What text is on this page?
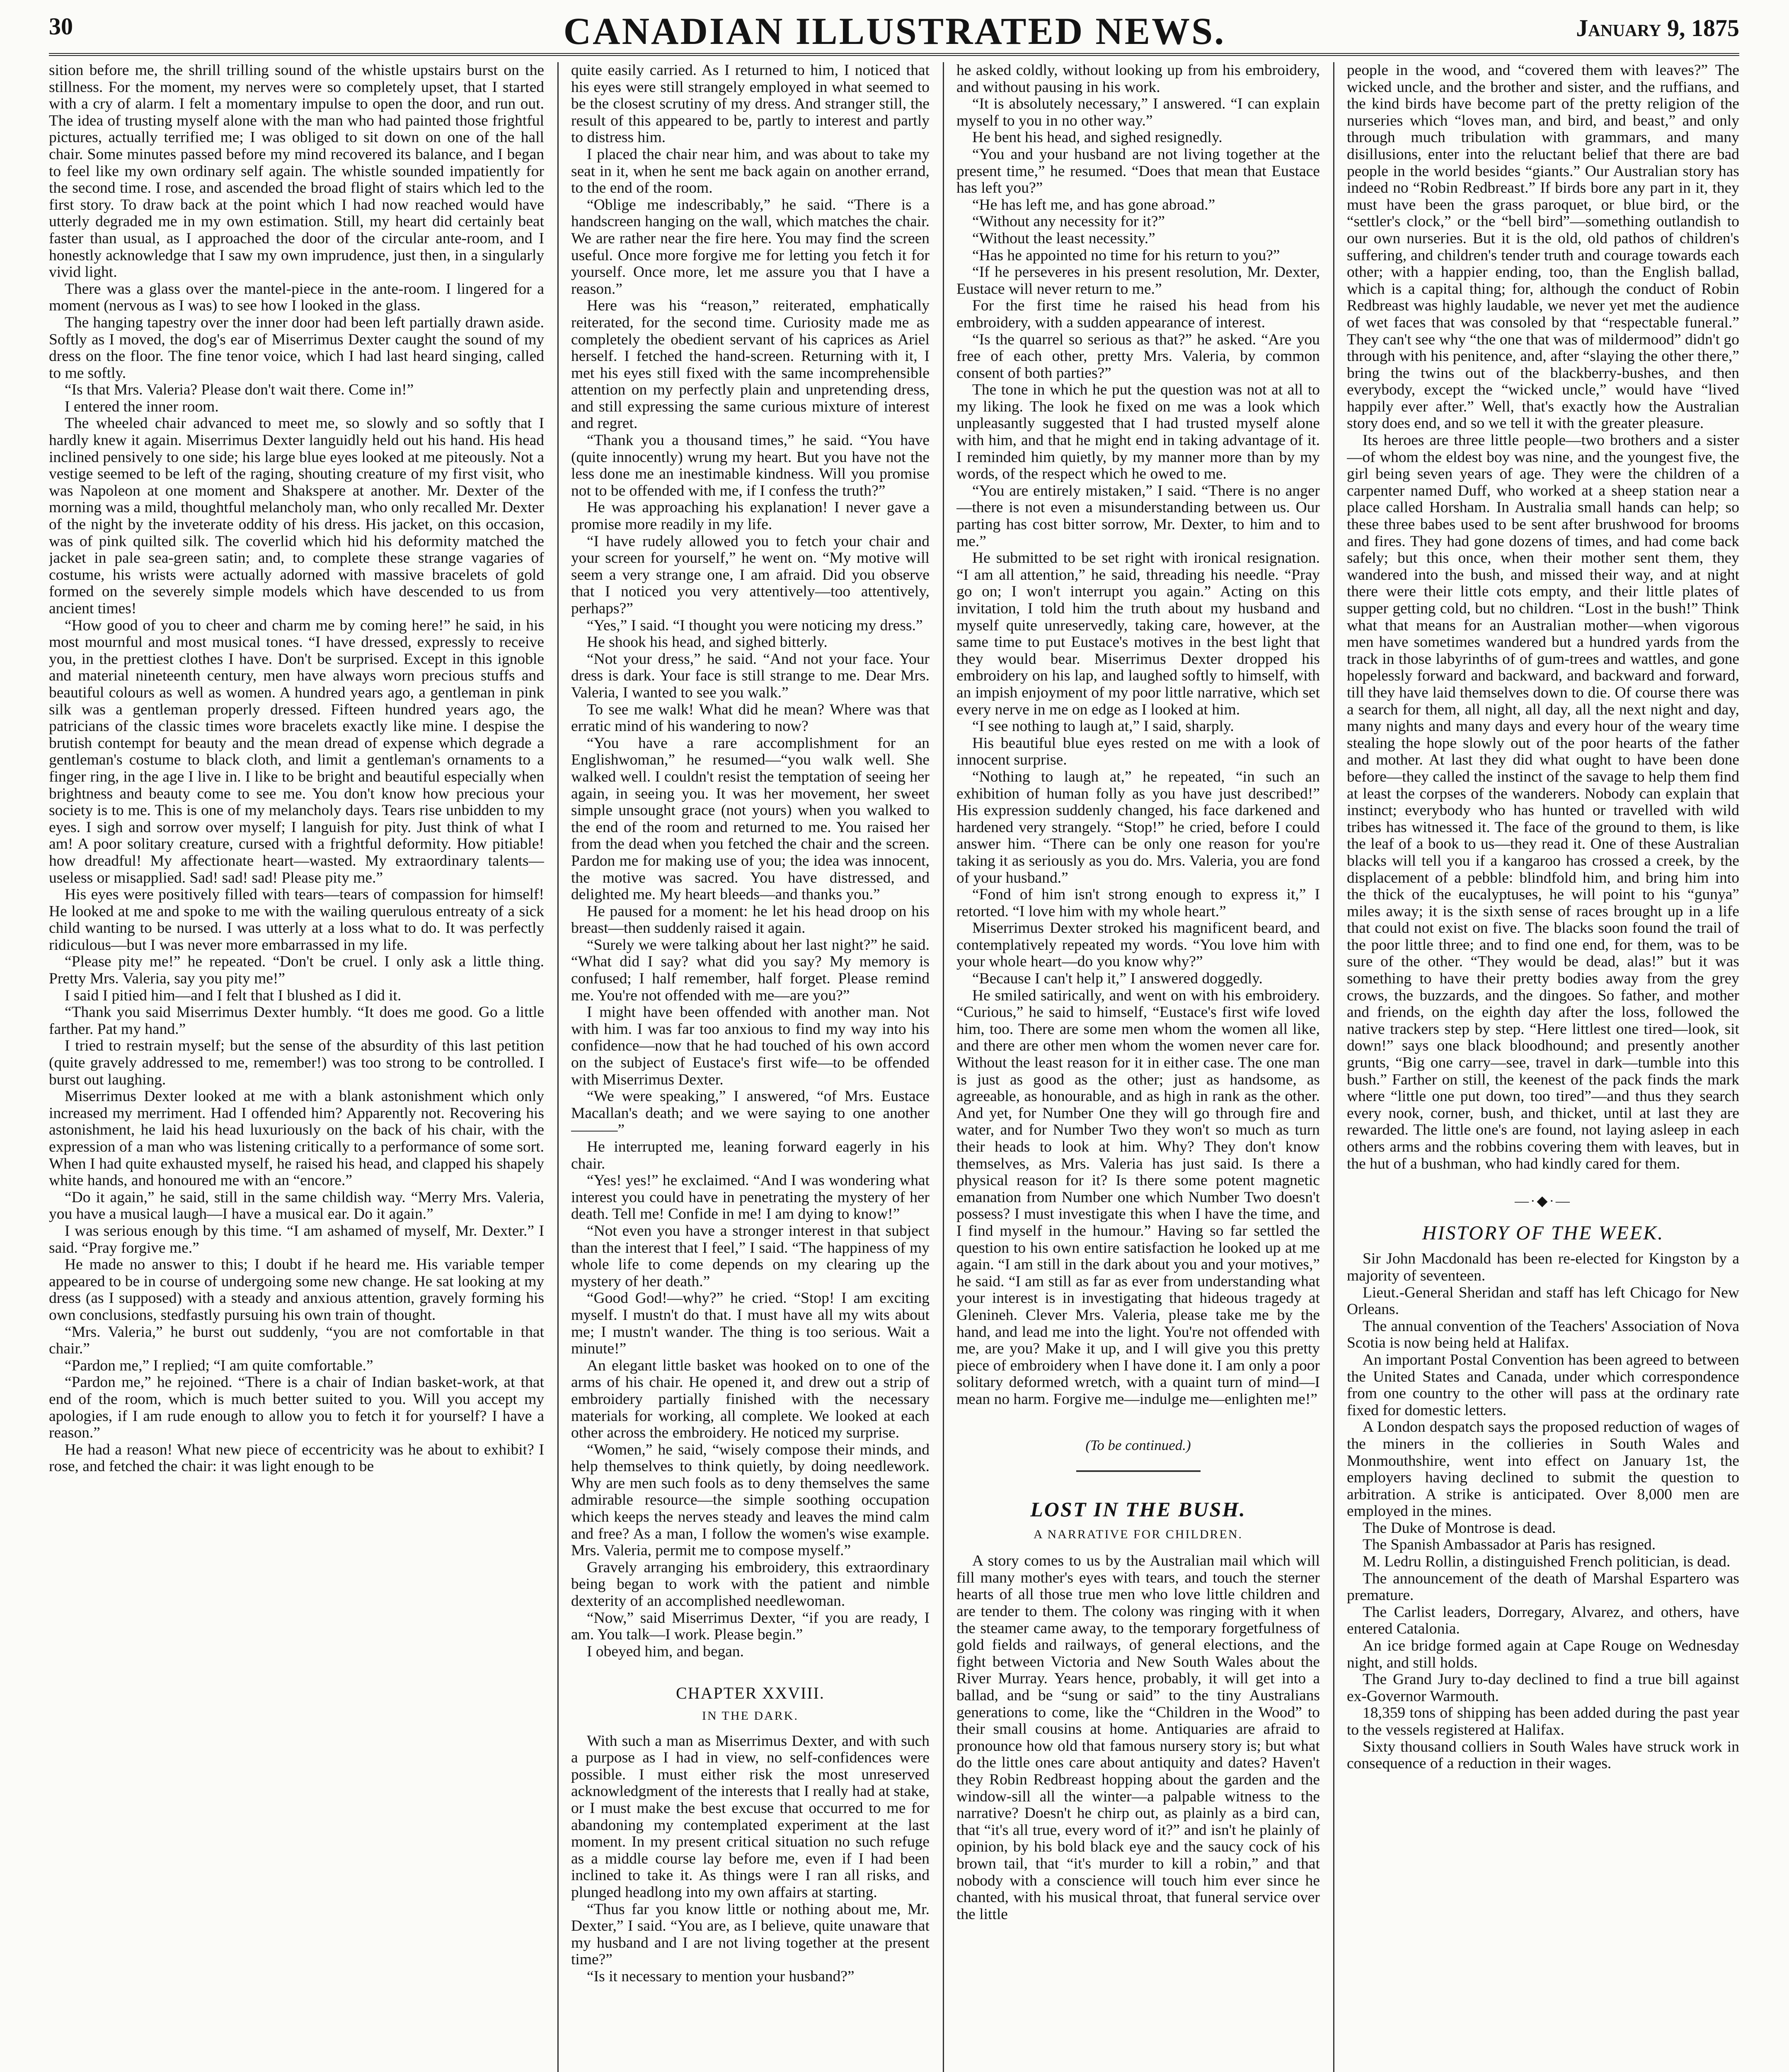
30	CANADIAN ILLUSTRATED NEWS.	January 9, 1875

sition before me, the shrill trilling sound of the whistle upstairs burst on the stillness. For the moment, my nerves were so completely upset, that I started with a cry of alarm. I felt a momentary impulse to open the door, and run out. The idea of trusting myself alone with the man who had painted those frightful pictures, actually terrified me; I was obliged to sit down on one of the hall chair. Some minutes passed before my mind recovered its balance, and I began to feel like my own ordinary self again. The whistle sounded impatiently for the second time. I rose, and ascended the broad flight of stairs which led to the first story. To draw back at the point which I had now reached would have utterly degraded me in my own estimation. Still, my heart did certainly beat faster than usual, as I approached the door of the circular ante-room, and I honestly acknowledge that I saw my own imprudence, just then, in a singularly vivid light.

There was a glass over the mantel-piece in the ante-room. I lingered for a moment (nervous as I was) to see how I looked in the glass.

The hanging tapestry over the inner door had been left partially drawn aside. Softly as I moved, the dog's ear of Miserrimus Dexter caught the sound of my dress on the floor. The fine tenor voice, which I had last heard singing, called to me softly.

“Is that Mrs. Valeria? Please don't wait there. Come in!”

I entered the inner room.

The wheeled chair advanced to meet me, so slowly and so softly that I hardly knew it again. Miserrimus Dexter languidly held out his hand. His head inclined pensively to one side; his large blue eyes looked at me piteously. Not a vestige seemed to be left of the raging, shouting creature of my first visit, who was Napoleon at one moment and Shakspere at another. Mr. Dexter of the morning was a mild, thoughtful melancholy man, who only recalled Mr. Dexter of the night by the inveterate oddity of his dress. His jacket, on this occasion, was of pink quilted silk. The coverlid which hid his deformity matched the jacket in pale sea-green satin; and, to complete these strange vagaries of costume, his wrists were actually adorned with massive bracelets of gold formed on the severely simple models which have descended to us from ancient times!

“How good of you to cheer and charm me by coming here!” he said, in his most mournful and most musical tones. “I have dressed, expressly to receive you, in the prettiest clothes I have. Don't be surprised. Except in this ignoble and material nineteenth century, men have always worn precious stuffs and beautiful colours as well as women. A hundred years ago, a gentleman in pink silk was a gentleman properly dressed. Fifteen hundred years ago, the patricians of the classic times wore bracelets exactly like mine. I despise the brutish contempt for beauty and the mean dread of expense which degrade a gentleman's costume to black cloth, and limit a gentleman's ornaments to a finger ring, in the age I live in. I like to be bright and beautiful especially when brightness and beauty come to see me. You don't know how precious your society is to me. This is one of my melancholy days. Tears rise unbidden to my eyes. I sigh and sorrow over myself; I languish for pity. Just think of what I am! A poor solitary creature, cursed with a frightful deformity. How pitiable! how dreadful! My affectionate heart—wasted. My extraordinary talents—useless or misapplied. Sad! sad! sad! Please pity me.”

His eyes were positively filled with tears—tears of compassion for himself! He looked at me and spoke to me with the wailing querulous entreaty of a sick child wanting to be nursed. I was utterly at a loss what to do. It was perfectly ridiculous—but I was never more embarrassed in my life.

“Please pity me!” he repeated. “Don't be cruel. I only ask a little thing. Pretty Mrs. Valeria, say you pity me!”

I said I pitied him—and I felt that I blushed as I did it.

“Thank you said Miserrimus Dexter humbly. “It does me good. Go a little farther. Pat my hand.”

I tried to restrain myself; but the sense of the absurdity of this last petition (quite gravely addressed to me, remember!) was too strong to be controlled. I burst out laughing.

Miserrimus Dexter looked at me with a blank astonishment which only increased my merriment. Had I offended him? Apparently not. Recovering his astonishment, he laid his head luxuriously on the back of his chair, with the expression of a man who was listening critically to a performance of some sort. When I had quite exhausted myself, he raised his head, and clapped his shapely white hands, and honoured me with an “encore.”

“Do it again,” he said, still in the same childish way. “Merry Mrs. Valeria, you have a musical laugh—I have a musical ear. Do it again.”

I was serious enough by this time. “I am ashamed of myself, Mr. Dexter.” I said. “Pray forgive me.”

He made no answer to this; I doubt if he heard me. His variable temper appeared to be in course of undergoing some new change. He sat looking at my dress (as I supposed) with a steady and anxious attention, gravely forming his own conclusions, stedfastly pursuing his own train of thought.

“Mrs. Valeria,” he burst out suddenly, “you are not comfortable in that chair.”

“Pardon me,” I replied; “I am quite comfortable.”

“Pardon me,” he rejoined. “There is a chair of Indian basket-work, at that end of the room, which is much better suited to you. Will you accept my apologies, if I am rude enough to allow you to fetch it for yourself? I have a reason.”

He had a reason! What new piece of eccentricity was he about to exhibit? I rose, and fetched the chair: it was light enough to be

quite easily carried. As I returned to him, I noticed that his eyes were still strangely employed in what seemed to be the closest scrutiny of my dress. And stranger still, the result of this appeared to be, partly to interest and partly to distress him.

I placed the chair near him, and was about to take my seat in it, when he sent me back again on another errand, to the end of the room.

“Oblige me indescribably,” he said. “There is a handscreen hanging on the wall, which matches the chair. We are rather near the fire here. You may find the screen useful. Once more forgive me for letting you fetch it for yourself. Once more, let me assure you that I have a reason.”

Here was his “reason,” reiterated, emphatically reiterated, for the second time. Curiosity made me as completely the obedient servant of his caprices as Ariel herself. I fetched the hand-screen. Returning with it, I met his eyes still fixed with the same incomprehensible attention on my perfectly plain and unpretending dress, and still expressing the same curious mixture of interest and regret.

“Thank you a thousand times,” he said. “You have (quite innocently) wrung my heart. But you have not the less done me an inestimable kindness. Will you promise not to be offended with me, if I confess the truth?”

He was approaching his explanation! I never gave a promise more readily in my life.

“I have rudely allowed you to fetch your chair and your screen for yourself,” he went on. “My motive will seem a very strange one, I am afraid. Did you observe that I noticed you very attentively—too attentively, perhaps?”

“Yes,” I said. “I thought you were noticing my dress.”

He shook his head, and sighed bitterly.

“Not your dress,” he said. “And not your face. Your dress is dark. Your face is still strange to me. Dear Mrs. Valeria, I wanted to see you walk.”

To see me walk! What did he mean? Where was that erratic mind of his wandering to now?

“You have a rare accomplishment for an Englishwoman,” he resumed—“you walk well. She walked well. I couldn't resist the temptation of seeing her again, in seeing you. It was her movement, her sweet simple unsought grace (not yours) when you walked to the end of the room and returned to me. You raised her from the dead when you fetched the chair and the screen. Pardon me for making use of you; the idea was innocent, the motive was sacred. You have distressed, and delighted me. My heart bleeds—and thanks you.”

He paused for a moment: he let his head droop on his breast—then suddenly raised it again.

“Surely we were talking about her last night?” he said. “What did I say? what did you say? My memory is confused; I half remember, half forget. Please remind me. You're not offended with me—are you?”

I might have been offended with another man. Not with him. I was far too anxious to find my way into his confidence—now that he had touched of his own accord on the subject of Eustace's first wife—to be offended with Miserrimus Dexter.

“We were speaking,” I answered, “of Mrs. Eustace Macallan's death; and we were saying to one another———”

He interrupted me, leaning forward eagerly in his chair.

“Yes! yes!” he exclaimed. “And I was wondering what interest you could have in penetrating the mystery of her death. Tell me! Confide in me! I am dying to know!”

“Not even you have a stronger interest in that subject than the interest that I feel,” I said. “The happiness of my whole life to come depends on my clearing up the mystery of her death.”

“Good God!—why?” he cried. “Stop! I am exciting myself. I mustn't do that. I must have all my wits about me; I mustn't wander. The thing is too serious. Wait a minute!”

An elegant little basket was hooked on to one of the arms of his chair. He opened it, and drew out a strip of embroidery partially finished with the necessary materials for working, all complete. We looked at each other across the embroidery. He noticed my surprise.

“Women,” he said, “wisely compose their minds, and help themselves to think quietly, by doing needlework. Why are men such fools as to deny themselves the same admirable resource—the simple soothing occupation which keeps the nerves steady and leaves the mind calm and free? As a man, I follow the women's wise example. Mrs. Valeria, permit me to compose myself.”

Gravely arranging his embroidery, this extraordinary being began to work with the patient and nimble dexterity of an accomplished needlewoman.

“Now,” said Miserrimus Dexter, “if you are ready, I am. You talk—I work. Please begin.”

I obeyed him, and began.

CHAPTER XXVIII.
IN THE DARK.

With such a man as Miserrimus Dexter, and with such a purpose as I had in view, no self-confidences were possible. I must either risk the most unreserved acknowledgment of the interests that I really had at stake, or I must make the best excuse that occurred to me for abandoning my contemplated experiment at the last moment. In my present critical situation no such refuge as a middle course lay before me, even if I had been inclined to take it. As things were I ran all risks, and plunged headlong into my own affairs at starting.

“Thus far you know little or nothing about me, Mr. Dexter,” I said. “You are, as I believe, quite unaware that my husband and I are not living together at the present time?”

“Is it necessary to mention your husband?”

he asked coldly, without looking up from his embroidery, and without pausing in his work.

“It is absolutely necessary,” I answered. “I can explain myself to you in no other way.”

He bent his head, and sighed resignedly.

“You and your husband are not living together at the present time,” he resumed. “Does that mean that Eustace has left you?”

“He has left me, and has gone abroad.”

“Without any necessity for it?”

“Without the least necessity.”

“Has he appointed no time for his return to you?”

“If he perseveres in his present resolution, Mr. Dexter, Eustace will never return to me.”

For the first time he raised his head from his embroidery, with a sudden appearance of interest.

“Is the quarrel so serious as that?” he asked. “Are you free of each other, pretty Mrs. Valeria, by common consent of both parties?”

The tone in which he put the question was not at all to my liking. The look he fixed on me was a look which unpleasantly suggested that I had trusted myself alone with him, and that he might end in taking advantage of it. I reminded him quietly, by my manner more than by my words, of the respect which he owed to me.

“You are entirely mistaken,” I said. “There is no anger—there is not even a misunderstanding between us. Our parting has cost bitter sorrow, Mr. Dexter, to him and to me.”

He submitted to be set right with ironical resignation. “I am all attention,” he said, threading his needle. “Pray go on; I won't interrupt you again.” Acting on this invitation, I told him the truth about my husband and myself quite unreservedly, taking care, however, at the same time to put Eustace's motives in the best light that they would bear. Miserrimus Dexter dropped his embroidery on his lap, and laughed softly to himself, with an impish enjoyment of my poor little narrative, which set every nerve in me on edge as I looked at him.

“I see nothing to laugh at,” I said, sharply.

His beautiful blue eyes rested on me with a look of innocent surprise.

“Nothing to laugh at,” he repeated, “in such an exhibition of human folly as you have just described!” His expression suddenly changed, his face darkened and hardened very strangely. “Stop!” he cried, before I could answer him. “There can be only one reason for you're taking it as seriously as you do. Mrs. Valeria, you are fond of your husband.”

“Fond of him isn't strong enough to express it,” I retorted. “I love him with my whole heart.”

Miserrimus Dexter stroked his magnificent beard, and contemplatively repeated my words. “You love him with your whole heart—do you know why?”

“Because I can't help it,” I answered doggedly.

He smiled satirically, and went on with his embroidery. “Curious,” he said to himself, “Eustace's first wife loved him, too. There are some men whom the women all like, and there are other men whom the women never care for. Without the least reason for it in either case. The one man is just as good as the other; just as handsome, as agreeable, as honourable, and as high in rank as the other. And yet, for Number One they will go through fire and water, and for Number Two they won't so much as turn their heads to look at him. Why? They don't know themselves, as Mrs. Valeria has just said. Is there a physical reason for it? Is there some potent magnetic emanation from Number one which Number Two doesn't possess? I must investigate this when I have the time, and I find myself in the humour.” Having so far settled the question to his own entire satisfaction he looked up at me again. “I am still in the dark about you and your motives,” he said. “I am still as far as ever from understanding what your interest is in investigating that hideous tragedy at Glenineh. Clever Mrs. Valeria, please take me by the hand, and lead me into the light. You're not offended with me, are you? Make it up, and I will give you this pretty piece of embroidery when I have done it. I am only a poor solitary deformed wretch, with a quaint turn of mind—I mean no harm. Forgive me—indulge me—enlighten me!”

(To be continued.)
LOST IN THE BUSH.
A NARRATIVE FOR CHILDREN.

A story comes to us by the Australian mail which will fill many mother's eyes with tears, and touch the sterner hearts of all those true men who love little children and are tender to them. The colony was ringing with it when the steamer came away, to the temporary forgetfulness of gold fields and railways, of general elections, and the fight between Victoria and New South Wales about the River Murray. Years hence, probably, it will get into a ballad, and be “sung or said” to the tiny Australians generations to come, like the “Children in the Wood” to their small cousins at home. Antiquaries are afraid to pronounce how old that famous nursery story is; but what do the little ones care about antiquity and dates? Haven't they Robin Redbreast hopping about the garden and the window-sill all the winter—a palpable witness to the narrative? Doesn't he chirp out, as plainly as a bird can, that “it's all true, every word of it?” and isn't he plainly of opinion, by his bold black eye and the saucy cock of his brown tail, that “it's murder to kill a robin,” and that nobody with a conscience will touch him ever since he chanted, with his musical throat, that funeral service over the little

people in the wood, and “covered them with leaves?” The wicked uncle, and the brother and sister, and the ruffians, and the kind birds have become part of the pretty religion of the nurseries which “loves man, and bird, and beast,” and only through much tribulation with grammars, and many disillusions, enter into the reluctant belief that there are bad people in the world besides “giants.” Our Australian story has indeed no “Robin Redbreast.” If birds bore any part in it, they must have been the grass paroquet, or blue bird, or the “settler's clock,” or the “bell bird”—something outlandish to our own nurseries. But it is the old, old pathos of children's suffering, and children's tender truth and courage towards each other; with a happier ending, too, than the English ballad, which is a capital thing; for, although the conduct of Robin Redbreast was highly laudable, we never yet met the audience of wet faces that was consoled by that “respectable funeral.” They can't see why “the one that was of mildermood” didn't go through with his penitence, and, after “slaying the other there,” bring the twins out of the blackberry-bushes, and then everybody, except the “wicked uncle,” would have “lived happily ever after.” Well, that's exactly how the Australian story does end, and so we tell it with the greater pleasure.

Its heroes are three little people—two brothers and a sister—of whom the eldest boy was nine, and the youngest five, the girl being seven years of age. They were the children of a carpenter named Duff, who worked at a sheep station near a place called Horsham. In Australia small hands can help; so these three babes used to be sent after brushwood for brooms and fires. They had gone dozens of times, and had come back safely; but this once, when their mother sent them, they wandered into the bush, and missed their way, and at night there were their little cots empty, and their little plates of supper getting cold, but no children. “Lost in the bush!” Think what that means for an Australian mother—when vigorous men have sometimes wandered but a hundred yards from the track in those labyrinths of of gum-trees and wattles, and gone hopelessly forward and backward, and backward and forward, till they have laid themselves down to die. Of course there was a search for them, all night, all day, all the next night and day, many nights and many days and every hour of the weary time stealing the hope slowly out of the poor hearts of the father and mother. At last they did what ought to have been done before—they called the instinct of the savage to help them find at least the corpses of the wanderers. Nobody can explain that instinct; everybody who has hunted or travelled with wild tribes has witnessed it. The face of the ground to them, is like the leaf of a book to us—they read it. One of these Australian blacks will tell you if a kangaroo has crossed a creek, by the displacement of a pebble: blindfold him, and bring him into the thick of the eucalyptuses, he will point to his “gunya” miles away; it is the sixth sense of races brought up in a life that could not exist on five. The blacks soon found the trail of the poor little three; and to find one end, for them, was to be sure of the other. “They would be dead, alas!” but it was something to have their pretty bodies away from the grey crows, the buzzards, and the dingoes. So father, and mother and friends, on the eighth day after the loss, followed the native trackers step by step. “Here littlest one tired—look, sit down!” says one black bloodhound; and presently another grunts, “Big one carry—see, travel in dark—tumble into this bush.” Farther on still, the keenest of the pack finds the mark where “little one put down, too tired”—and thus they search every nook, corner, bush, and thicket, until at last they are rewarded. The little one's are found, not laying asleep in each others arms and the robbins covering them with leaves, but in the hut of a bushman, who had kindly cared for them.

—·◆·—
HISTORY OF THE WEEK.

Sir John Macdonald has been re-elected for Kingston by a majority of seventeen.

Lieut.-General Sheridan and staff has left Chicago for New Orleans.

The annual convention of the Teachers' Association of Nova Scotia is now being held at Halifax.

An important Postal Convention has been agreed to between the United States and Canada, under which correspondence from one country to the other will pass at the ordinary rate fixed for domestic letters.

A London despatch says the proposed reduction of wages of the miners in the collieries in South Wales and Monmouthshire, went into effect on January 1st, the employers having declined to submit the question to arbitration. A strike is anticipated. Over 8,000 men are employed in the mines.

The Duke of Montrose is dead.

The Spanish Ambassador at Paris has resigned.

M. Ledru Rollin, a distinguished French politician, is dead.

The announcement of the death of Marshal Espartero was premature.

The Carlist leaders, Dorregary, Alvarez, and others, have entered Catalonia.

An ice bridge formed again at Cape Rouge on Wednesday night, and still holds.

The Grand Jury to-day declined to find a true bill against ex-Governor Warmouth.

18,359 tons of shipping has been added during the past year to the vessels registered at Halifax.

Sixty thousand colliers in South Wales have struck work in consequence of a reduction in their wages.
